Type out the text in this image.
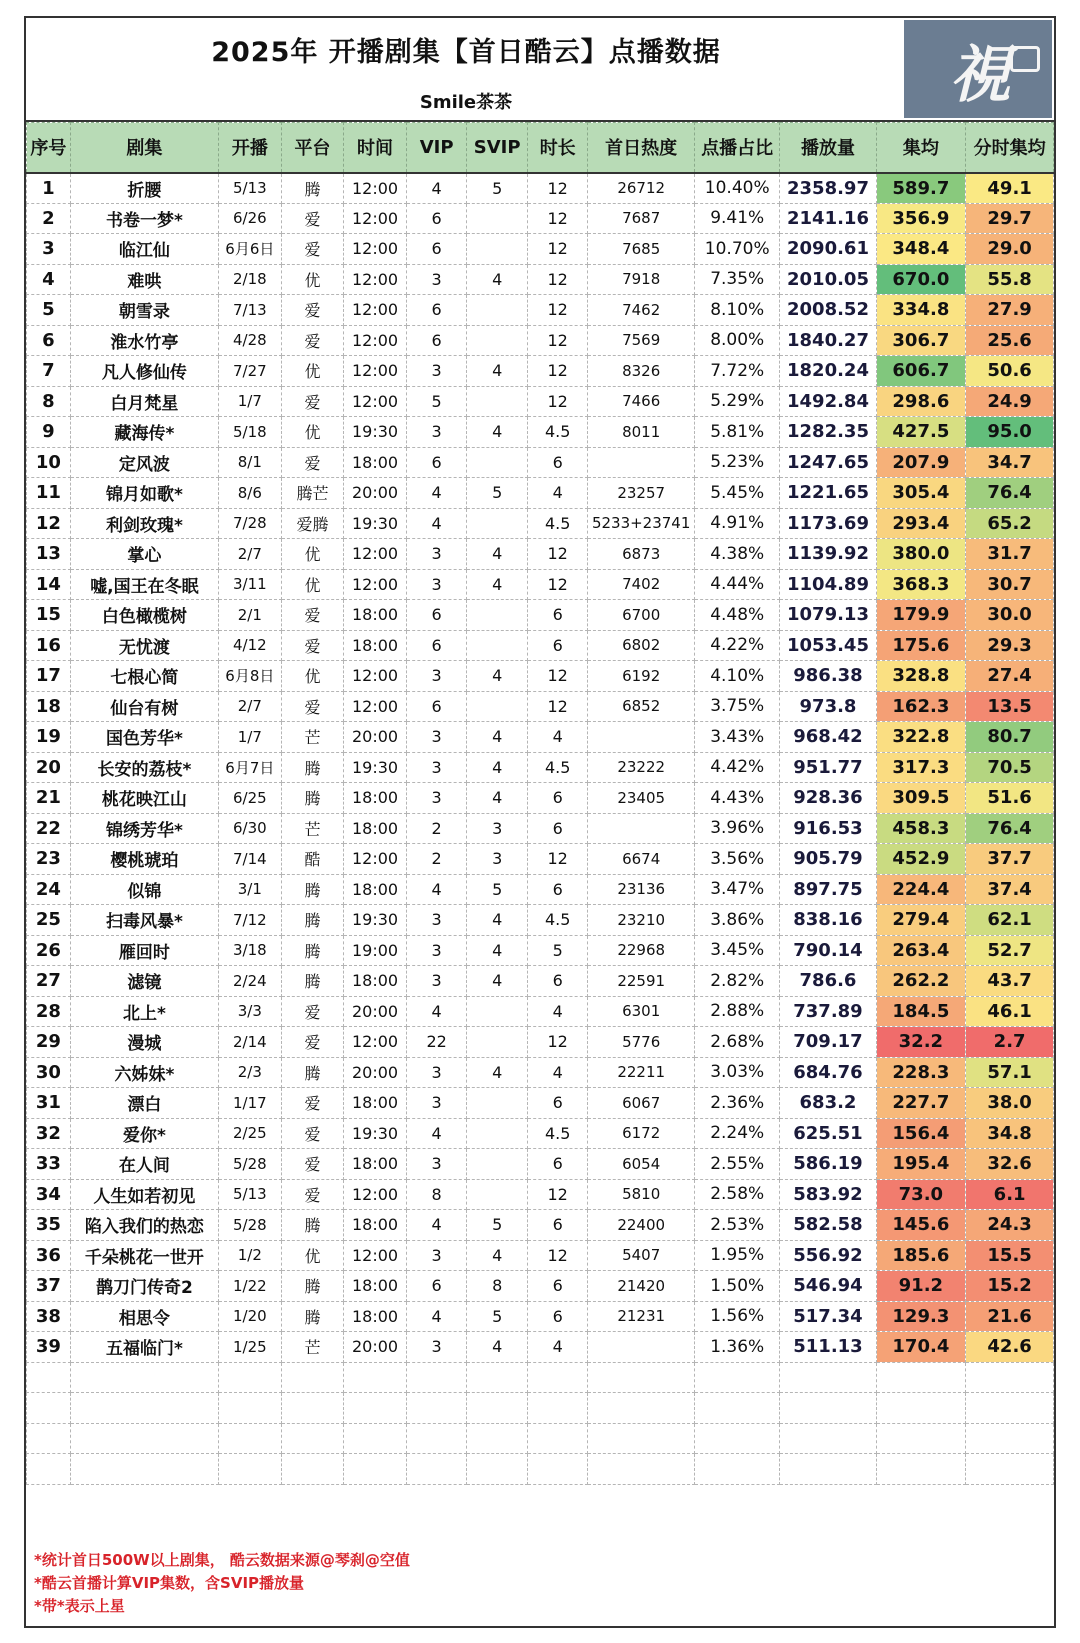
2025年 开播剧集【首日酷云】点播数据
Smile茶茶	視
序号	剧集	开播	平台	时间	VIP	SVIP	时长	首日热度	点播占比	播放量	集均	分时集均
1	折腰	5/13	腾	12:00	4	5	12	26712	10.40%	2358.97	589.7	49.1
2	书卷一梦*	6/26	爱	12:00	6		12	7687	9.41%	2141.16	356.9	29.7
3	临江仙	6月6日	爱	12:00	6		12	7685	10.70%	2090.61	348.4	29.0
4	难哄	2/18	优	12:00	3	4	12	7918	7.35%	2010.05	670.0	55.8
5	朝雪录	7/13	爱	12:00	6		12	7462	8.10%	2008.52	334.8	27.9
6	淮水竹亭	4/28	爱	12:00	6		12	7569	8.00%	1840.27	306.7	25.6
7	凡人修仙传	7/27	优	12:00	3	4	12	8326	7.72%	1820.24	606.7	50.6
8	白月梵星	1/7	爱	12:00	5		12	7466	5.29%	1492.84	298.6	24.9
9	藏海传*	5/18	优	19:30	3	4	4.5	8011	5.81%	1282.35	427.5	95.0
10	定风波	8/1	爱	18:00	6		6		5.23%	1247.65	207.9	34.7
11	锦月如歌*	8/6	腾芒	20:00	4	5	4	23257	5.45%	1221.65	305.4	76.4
12	利剑玫瑰*	7/28	爱腾	19:30	4		4.5	5233+23741	4.91%	1173.69	293.4	65.2
13	掌心	2/7	优	12:00	3	4	12	6873	4.38%	1139.92	380.0	31.7
14	嘘,国王在冬眠	3/11	优	12:00	3	4	12	7402	4.44%	1104.89	368.3	30.7
15	白色橄榄树	2/1	爱	18:00	6		6	6700	4.48%	1079.13	179.9	30.0
16	无忧渡	4/12	爱	18:00	6		6	6802	4.22%	1053.45	175.6	29.3
17	七根心简	6月8日	优	12:00	3	4	12	6192	4.10%	986.38	328.8	27.4
18	仙台有树	2/7	爱	12:00	6		12	6852	3.75%	973.8	162.3	13.5
19	国色芳华*	1/7	芒	20:00	3	4	4		3.43%	968.42	322.8	80.7
20	长安的荔枝*	6月7日	腾	19:30	3	4	4.5	23222	4.42%	951.77	317.3	70.5
21	桃花映江山	6/25	腾	18:00	3	4	6	23405	4.43%	928.36	309.5	51.6
22	锦绣芳华*	6/30	芒	18:00	2	3	6		3.96%	916.53	458.3	76.4
23	樱桃琥珀	7/14	酷	12:00	2	3	12	6674	3.56%	905.79	452.9	37.7
24	似锦	3/1	腾	18:00	4	5	6	23136	3.47%	897.75	224.4	37.4
25	扫毒风暴*	7/12	腾	19:30	3	4	4.5	23210	3.86%	838.16	279.4	62.1
26	雁回时	3/18	腾	19:00	3	4	5	22968	3.45%	790.14	263.4	52.7
27	滤镜	2/24	腾	18:00	3	4	6	22591	2.82%	786.6	262.2	43.7
28	北上*	3/3	爱	20:00	4		4	6301	2.88%	737.89	184.5	46.1
29	漫城	2/14	爱	12:00	22		12	5776	2.68%	709.17	32.2	2.7
30	六姊妹*	2/3	腾	20:00	3	4	4	22211	3.03%	684.76	228.3	57.1
31	漂白	1/17	爱	18:00	3		6	6067	2.36%	683.2	227.7	38.0
32	爱你*	2/25	爱	19:30	4		4.5	6172	2.24%	625.51	156.4	34.8
33	在人间	5/28	爱	18:00	3		6	6054	2.55%	586.19	195.4	32.6
34	人生如若初见	5/13	爱	12:00	8		12	5810	2.58%	583.92	73.0	6.1
35	陷入我们的热恋	5/28	腾	18:00	4	5	6	22400	2.53%	582.58	145.6	24.3
36	千朵桃花一世开	1/2	优	12:00	3	4	12	5407	1.95%	556.92	185.6	15.5
37	鹊刀门传奇2	1/22	腾	18:00	6	8	6	21420	1.50%	546.94	91.2	15.2
38	相思令	1/20	腾	18:00	4	5	6	21231	1.56%	517.34	129.3	21.6
39	五福临门*	1/25	芒	20:00	3	4	4		1.36%	511.13	170.4	42.6

*统计首日500W以上剧集， 酷云数据来源@琴刹@空值
*酷云首播计算VIP集数，含SVIP播放量
*带*表示上星
